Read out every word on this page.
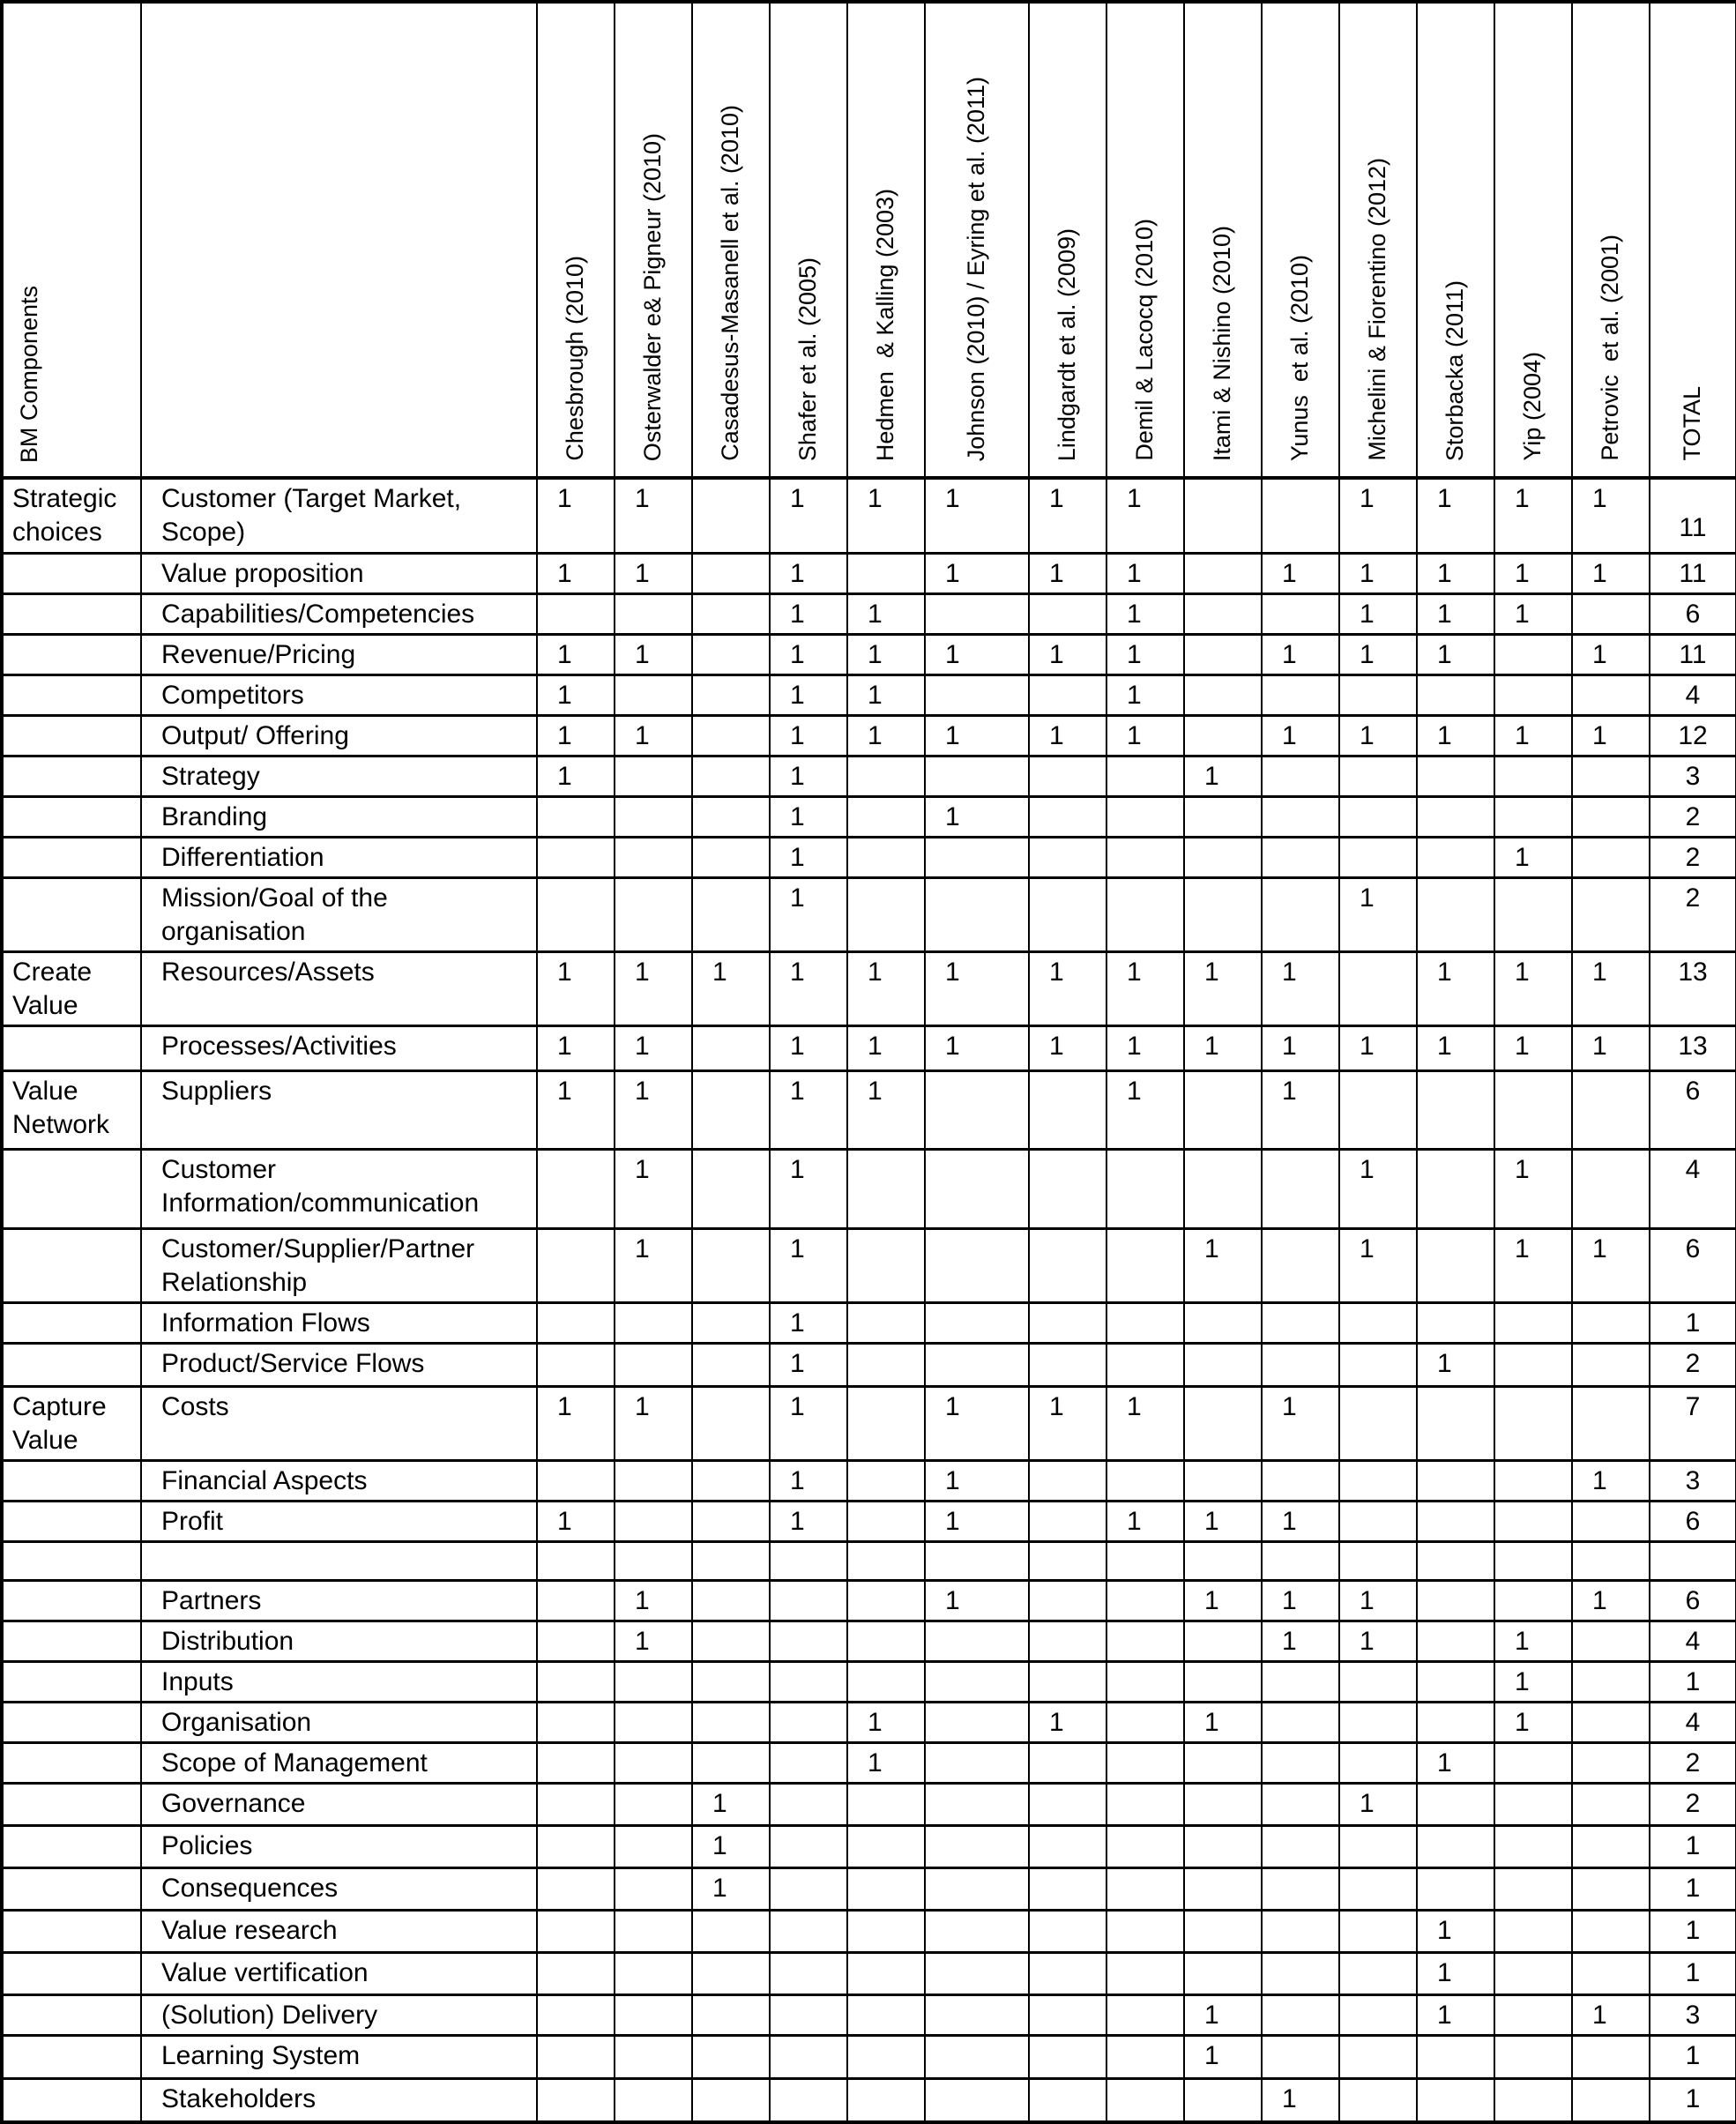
BM Components		Chesbrough (2010)	Osterwalder e& Pigneur (2010)	Casadesus-Masanell et al. (2010)	Shafer et al. (2005)	Hedmen  & Kalling (2003)	Johnson (2010) / Eyring et al. (2011)	Lindgardt et al. (2009)	Demil & Lacocq (2010)	Itami & Nishino (2010)	Yunus  et al. (2010)	Michelini & Fiorentino (2012)	Storbacka (2011)	Yip (2004)	Petrovic  et al. (2001)	TOTAL
Strategic choices	Customer (Target Market, Scope)	1	1		1	1	1	1	1			1	1	1	1	11
	Value proposition	1	1		1		1	1	1		1	1	1	1	1	11
	Capabilities/Competencies				1	1			1			1	1	1		6
	Revenue/Pricing	1	1		1	1	1	1	1		1	1	1		1	11
	Competitors	1			1	1			1							4
	Output/ Offering	1	1		1	1	1	1	1		1	1	1	1	1	12
	Strategy	1			1					1						3
	Branding				1		1									2
	Differentiation				1									1		2
	Mission/Goal of the organisation				1							1				2
Create Value	Resources/Assets	1	1	1	1	1	1	1	1	1	1		1	1	1	13
	Processes/Activities	1	1		1	1	1	1	1	1	1	1	1	1	1	13
Value Network	Suppliers	1	1		1	1			1		1					6
	Customer Information/communication		1		1							1		1		4
	Customer/Supplier/Partner Relationship		1		1					1		1		1	1	6
	Information Flows				1											1
	Product/Service Flows				1								1			2
Capture Value	Costs	1	1		1		1	1	1		1					7
	Financial Aspects				1		1								1	3
	Profit	1			1		1		1	1	1					6

	Partners		1				1			1	1	1			1	6
	Distribution		1								1	1		1		4
	Inputs													1		1
	Organisation					1		1		1				1		4
	Scope of Management					1							1			2
	Governance			1								1				2
	Policies			1												1
	Consequences			1												1
	Value research												1			1
	Value vertification												1			1
	(Solution) Delivery									1			1		1	3
	Learning System									1						1
	Stakeholders										1					1
